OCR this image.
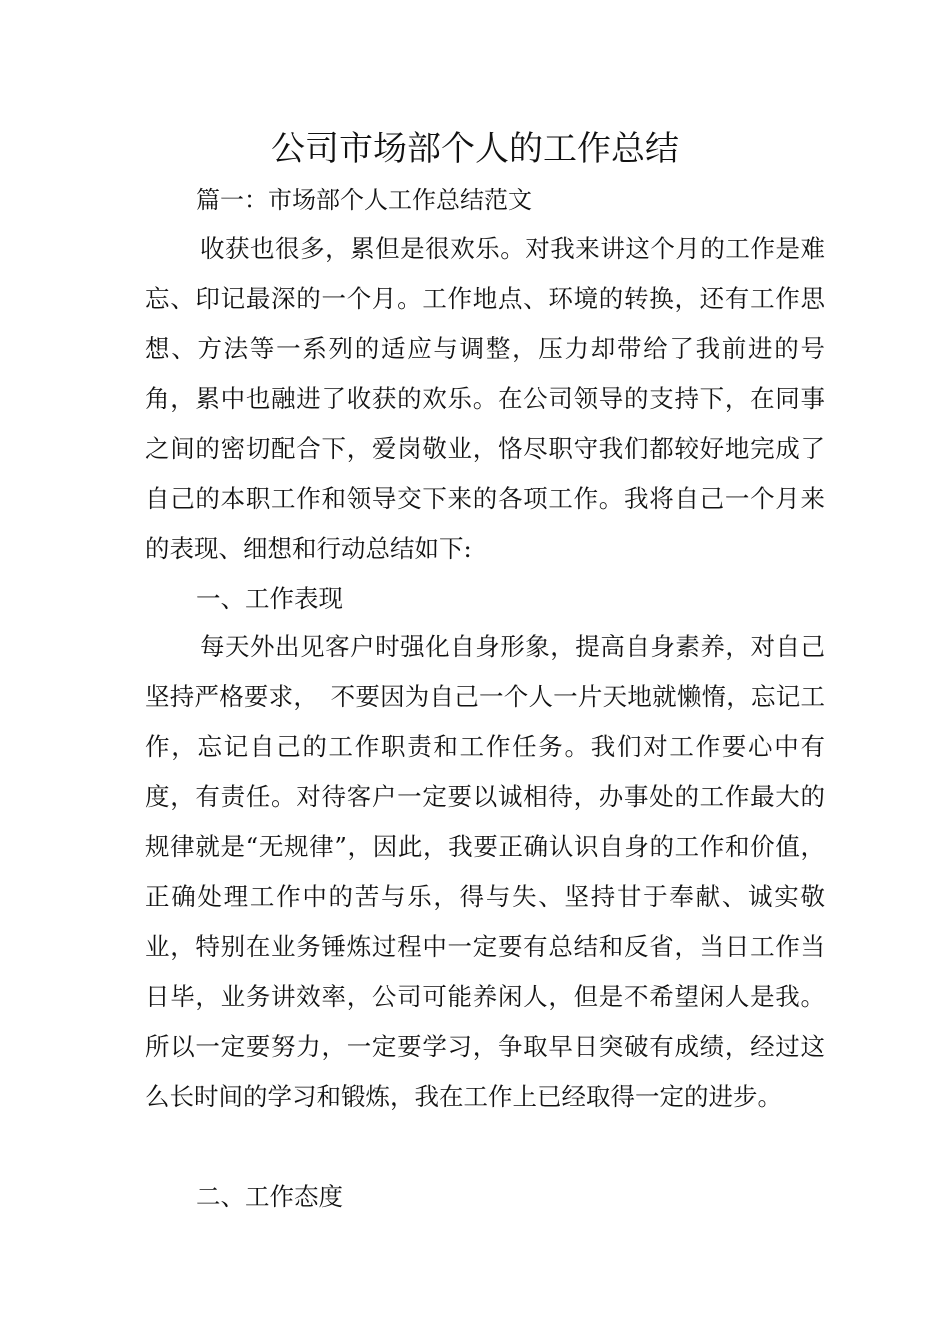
公司市场部个人的工作总结

篇一：市场部个人工作总结范文

收获也很多，累但是很欢乐。对我来讲这个月的工作是难忘、印记最深的一个月。工作地点、环境的转换，还有工作思想、方法等一系列的适应与调整，压力却带给了我前进的号角，累中也融进了收获的欢乐。在公司领导的支持下，在同事之间的密切配合下，爱岗敬业，恪尽职守我们都较好地完成了自己的本职工作和领导交下来的各项工作。我将自己一个月来的表现、细想和行动总结如下:

一、工作表现

每天外出见客户时强化自身形象，提高自身素养，对自己坚持严格要求，　不要因为自己一个人一片天地就懒惰，忘记工作，忘记自己的工作职责和工作任务。我们对工作要心中有度，有责任。对待客户一定要以诚相待，办事处的工作最大的规律就是“无规律”，因此，我要正确认识自身的工作和价值，正确处理工作中的苦与乐，得与失、坚持甘于奉献、诚实敬业，特别在业务锤炼过程中一定要有总结和反省，当日工作当日毕，业务讲效率，公司可能养闲人，但是不希望闲人是我。所以一定要努力，一定要学习，争取早日突破有成绩，经过这么长时间的学习和锻炼，我在工作上已经取得一定的进步。

二、工作态度
